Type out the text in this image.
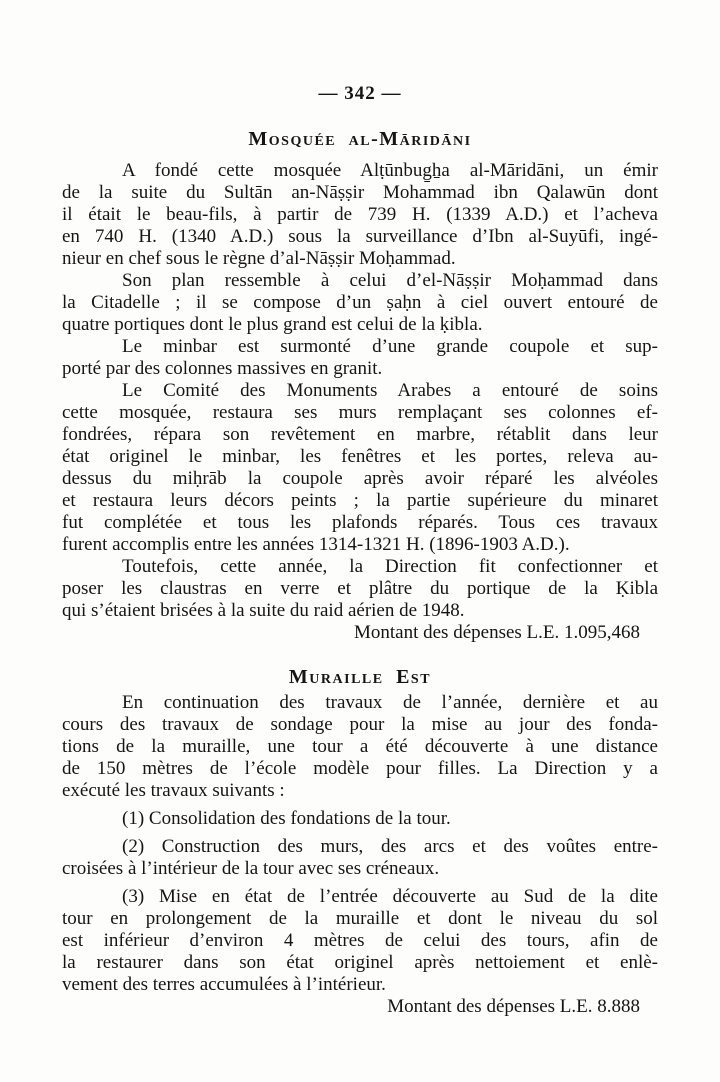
— 342 —
Mosquée al-Māridāni
A fondé cette mosquée Alṭūnbug̱ẖa al-Māridāni, un émir
de la suite du Sultān an-Nāṣṣir Mohammad ibn Qalawūn dont
il était le beau-fils, à partir de 739 H. (1339 A.D.) et l’acheva
en 740 H. (1340 A.D.) sous la surveillance d’Ibn al-Suyūfi, ingé-
nieur en chef sous le règne d’al-Nāṣṣir Moḥammad.
Son plan ressemble à celui d’el-Nāṣṣir Moḥammad dans
la Citadelle ; il se compose d’un ṣaḥn à ciel ouvert entouré de
quatre portiques dont le plus grand est celui de la ḳibla.
Le minbar est surmonté d’une grande coupole et sup-
porté par des colonnes massives en granit.
Le Comité des Monuments Arabes a entouré de soins
cette mosquée, restaura ses murs remplaçant ses colonnes ef-
fondrées, répara son revêtement en marbre, rétablit dans leur
état originel le minbar, les fenêtres et les portes, releva au-
dessus du miḥrāb la coupole après avoir réparé les alvéoles
et restaura leurs décors peints ; la partie supérieure du minaret
fut complétée et tous les plafonds réparés. Tous ces travaux
furent accomplis entre les années 1314-1321 H. (1896-1903 A.D.).
Toutefois, cette année, la Direction fit confectionner et
poser les claustras en verre et plâtre du portique de la Ḳibla
qui s’étaient brisées à la suite du raid aérien de 1948.
Montant des dépenses L.E. 1.095,468
Muraille Est
En continuation des travaux de l’année, dernière et au
cours des travaux de sondage pour la mise au jour des fonda-
tions de la muraille, une tour a été découverte à une distance
de 150 mètres de l’école modèle pour filles. La Direction y a
exécuté les travaux suivants :
(1) Consolidation des fondations de la tour.
(2) Construction des murs, des arcs et des voûtes entre-
croisées à l’intérieur de la tour avec ses créneaux.
(3) Mise en état de l’entrée découverte au Sud de la dite
tour en prolongement de la muraille et dont le niveau du sol
est inférieur d’environ 4 mètres de celui des tours, afin de
la restaurer dans son état originel après nettoiement et enlè-
vement des terres accumulées à l’intérieur.
Montant des dépenses L.E. 8.888
